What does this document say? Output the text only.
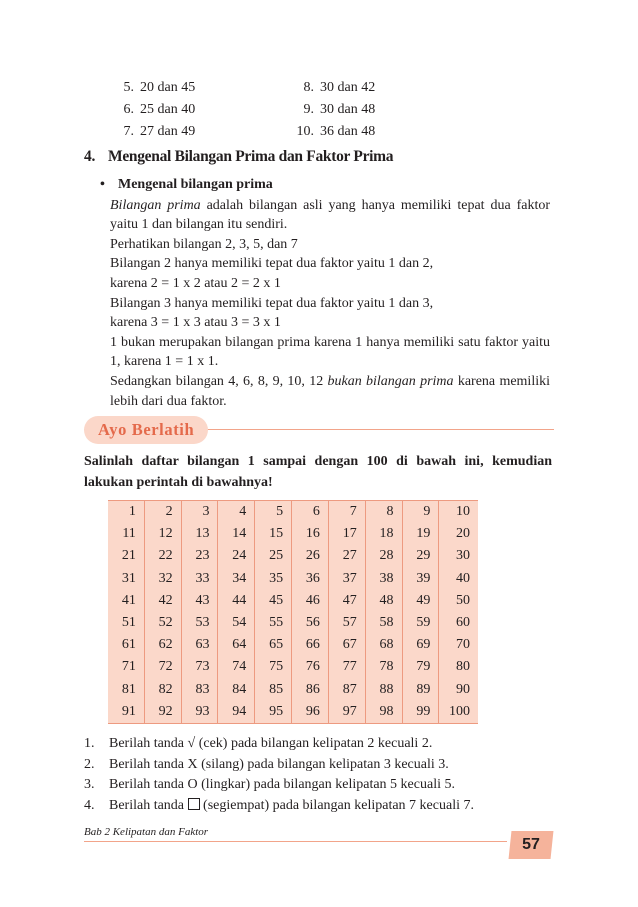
5. 20 dan 45
6. 25 dan 40
7. 27 dan 49
8. 30 dan 42
9. 30 dan 48
10. 36 dan 48
4. Mengenal Bilangan Prima dan Faktor Prima
• Mengenal bilangan prima

Bilangan prima adalah bilangan asli yang hanya memiliki tepat dua faktor yaitu 1 dan bilangan itu sendiri.

Perhatikan bilangan 2, 3, 5, dan 7

Bilangan 2 hanya memiliki tepat dua faktor yaitu 1 dan 2,

karena 2 = 1 x 2 atau 2 = 2 x 1

Bilangan 3 hanya memiliki tepat dua faktor yaitu 1 dan 3,

karena 3 = 1 x 3 atau 3 = 3 x 1

1 bukan merupakan bilangan prima karena 1 hanya memiliki satu faktor yaitu 1, karena 1 = 1 x 1.

Sedangkan bilangan 4, 6, 8, 9, 10, 12 bukan bilangan prima karena memiliki lebih dari dua faktor.

Ayo Berlatih
Salinlah daftar bilangan 1 sampai dengan 100 di bawah ini, kemudian lakukan perintah di bawahnya!
1	2	3	4	5	6	7	8	9	10
11	12	13	14	15	16	17	18	19	20
21	22	23	24	25	26	27	28	29	30
31	32	33	34	35	36	37	38	39	40
41	42	43	44	45	46	47	48	49	50
51	52	53	54	55	56	57	58	59	60
61	62	63	64	65	66	67	68	69	70
71	72	73	74	75	76	77	78	79	80
81	82	83	84	85	86	87	88	89	90
91	92	93	94	95	96	97	98	99	100
1. Berilah tanda √ (cek) pada bilangan kelipatan 2 kecuali 2.
2. Berilah tanda X (silang) pada bilangan kelipatan 3 kecuali 3.
3. Berilah tanda O (lingkar) pada bilangan kelipatan 5 kecuali 5.
4. Berilah tanda  (segiempat) pada bilangan kelipatan 7 kecuali 7.
Bab 2 Kelipatan dan Faktor
57
